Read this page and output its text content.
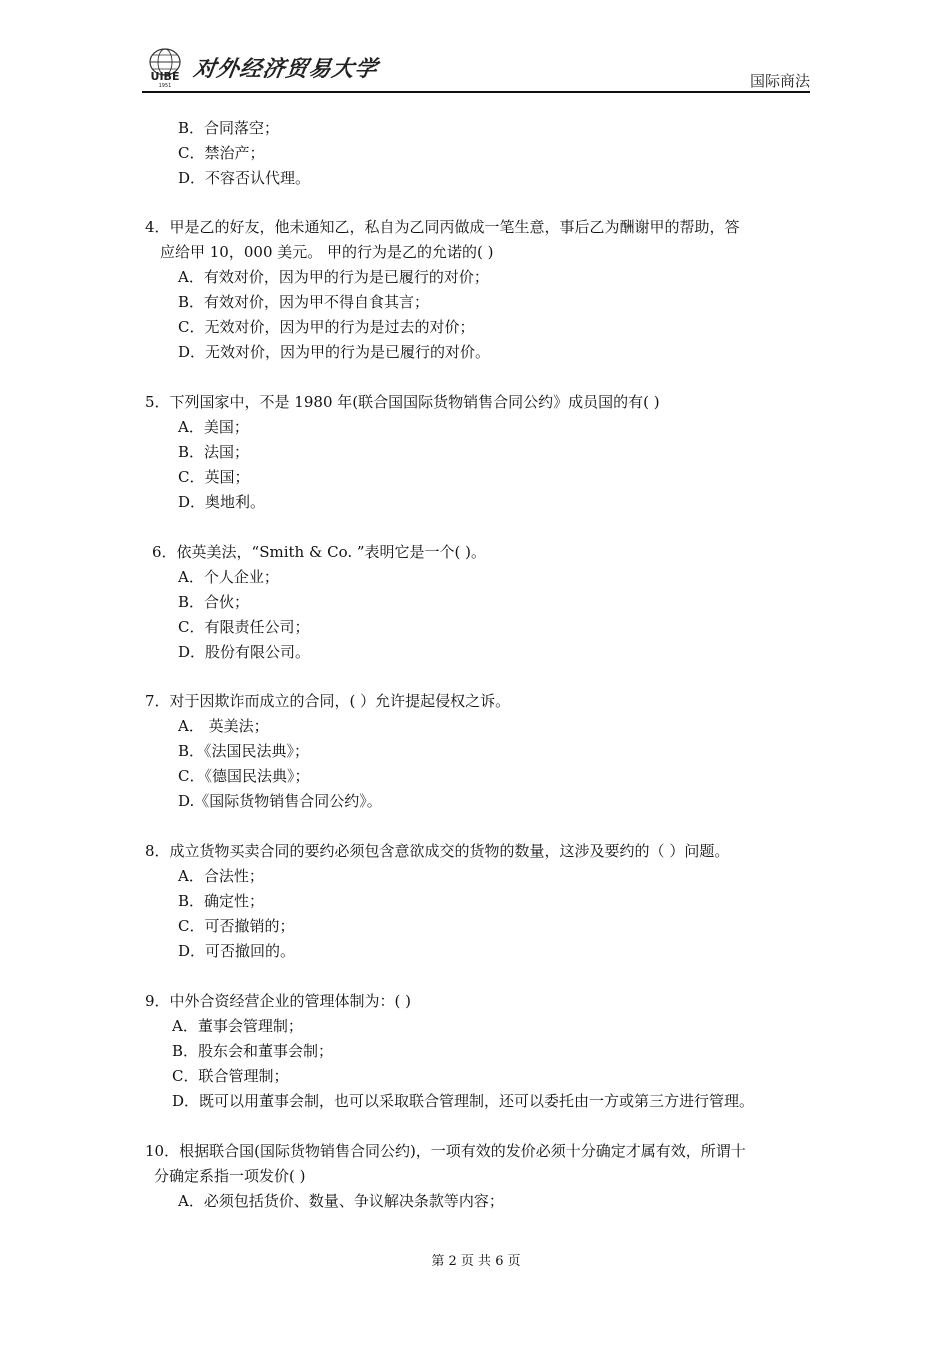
UIBE
1951
对外经济贸易大学	国际商法
B．合同落空；
C．禁治产；
D．不容否认代理。
4．甲是乙的好友，他未通知乙，私自为乙同丙做成一笔生意，事后乙为酬谢甲的帮助，答
应给甲 10，000 美元。 甲的行为是乙的允诺的( )
A．有效对价，因为甲的行为是已履行的对价；
B．有效对价，因为甲不得自食其言；
C．无效对价，因为甲的行为是过去的对价；
D．无效对价，因为甲的行为是已履行的对价。
5．下列国家中，不是 1980 年(联合国国际货物销售合同公约》成员国的有( )
A．美国；
B．法国；
C．英国；
D．奥地利。
6．依英美法，“Smith & Co. ”表明它是一个( )。
A．个人企业；
B．合伙；
C．有限责任公司；
D．股份有限公司。
7．对于因欺诈而成立的合同，( ）允许提起侵权之诉。
A． 英美法；
B．《法国民法典》；
C．《德国民法典》；
D.《国际货物销售合同公约》。
8．成立货物买卖合同的要约必须包含意欲成交的货物的数量，这涉及要约的（ ）问题。
A．合法性；
B．确定性；
C．可否撤销的；
D．可否撤回的。
9．中外合资经营企业的管理体制为：( )
A．董事会管理制；
B．股东会和董事会制；
C．联合管理制；
D．既可以用董事会制，也可以采取联合管理制，还可以委托由一方或第三方进行管理。
10．根据联合国(国际货物销售合同公约)，一项有效的发价必须十分确定才属有效，所谓十
分确定系指一项发价( )
A．必须包括货价、数量、争议解决条款等内容；
第 2 页 共 6 页
